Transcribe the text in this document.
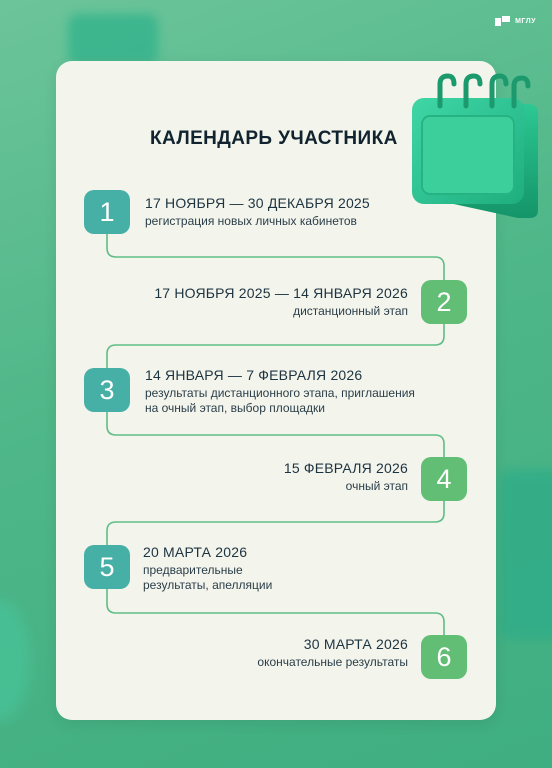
МГЛУ
КАЛЕНДАРЬ УЧАСТНИКА
1	17 НОЯБРЯ — 30 ДЕКАБРЯ 2025
регистрация новых личных кабинетов
2
17 НОЯБРЯ 2025 — 14 ЯНВАРЯ 2026
дистанционный этап
3	14 ЯНВАРЯ — 7 ФЕВРАЛЯ 2026
результаты дистанционного этапа, приглашения
на очный этап, выбор площадки
4
15 ФЕВРАЛЯ 2026
очный этап
5	20 МАРТА 2026
предварительные
результаты, апелляции
6
30 МАРТА 2026
окончательные результаты
